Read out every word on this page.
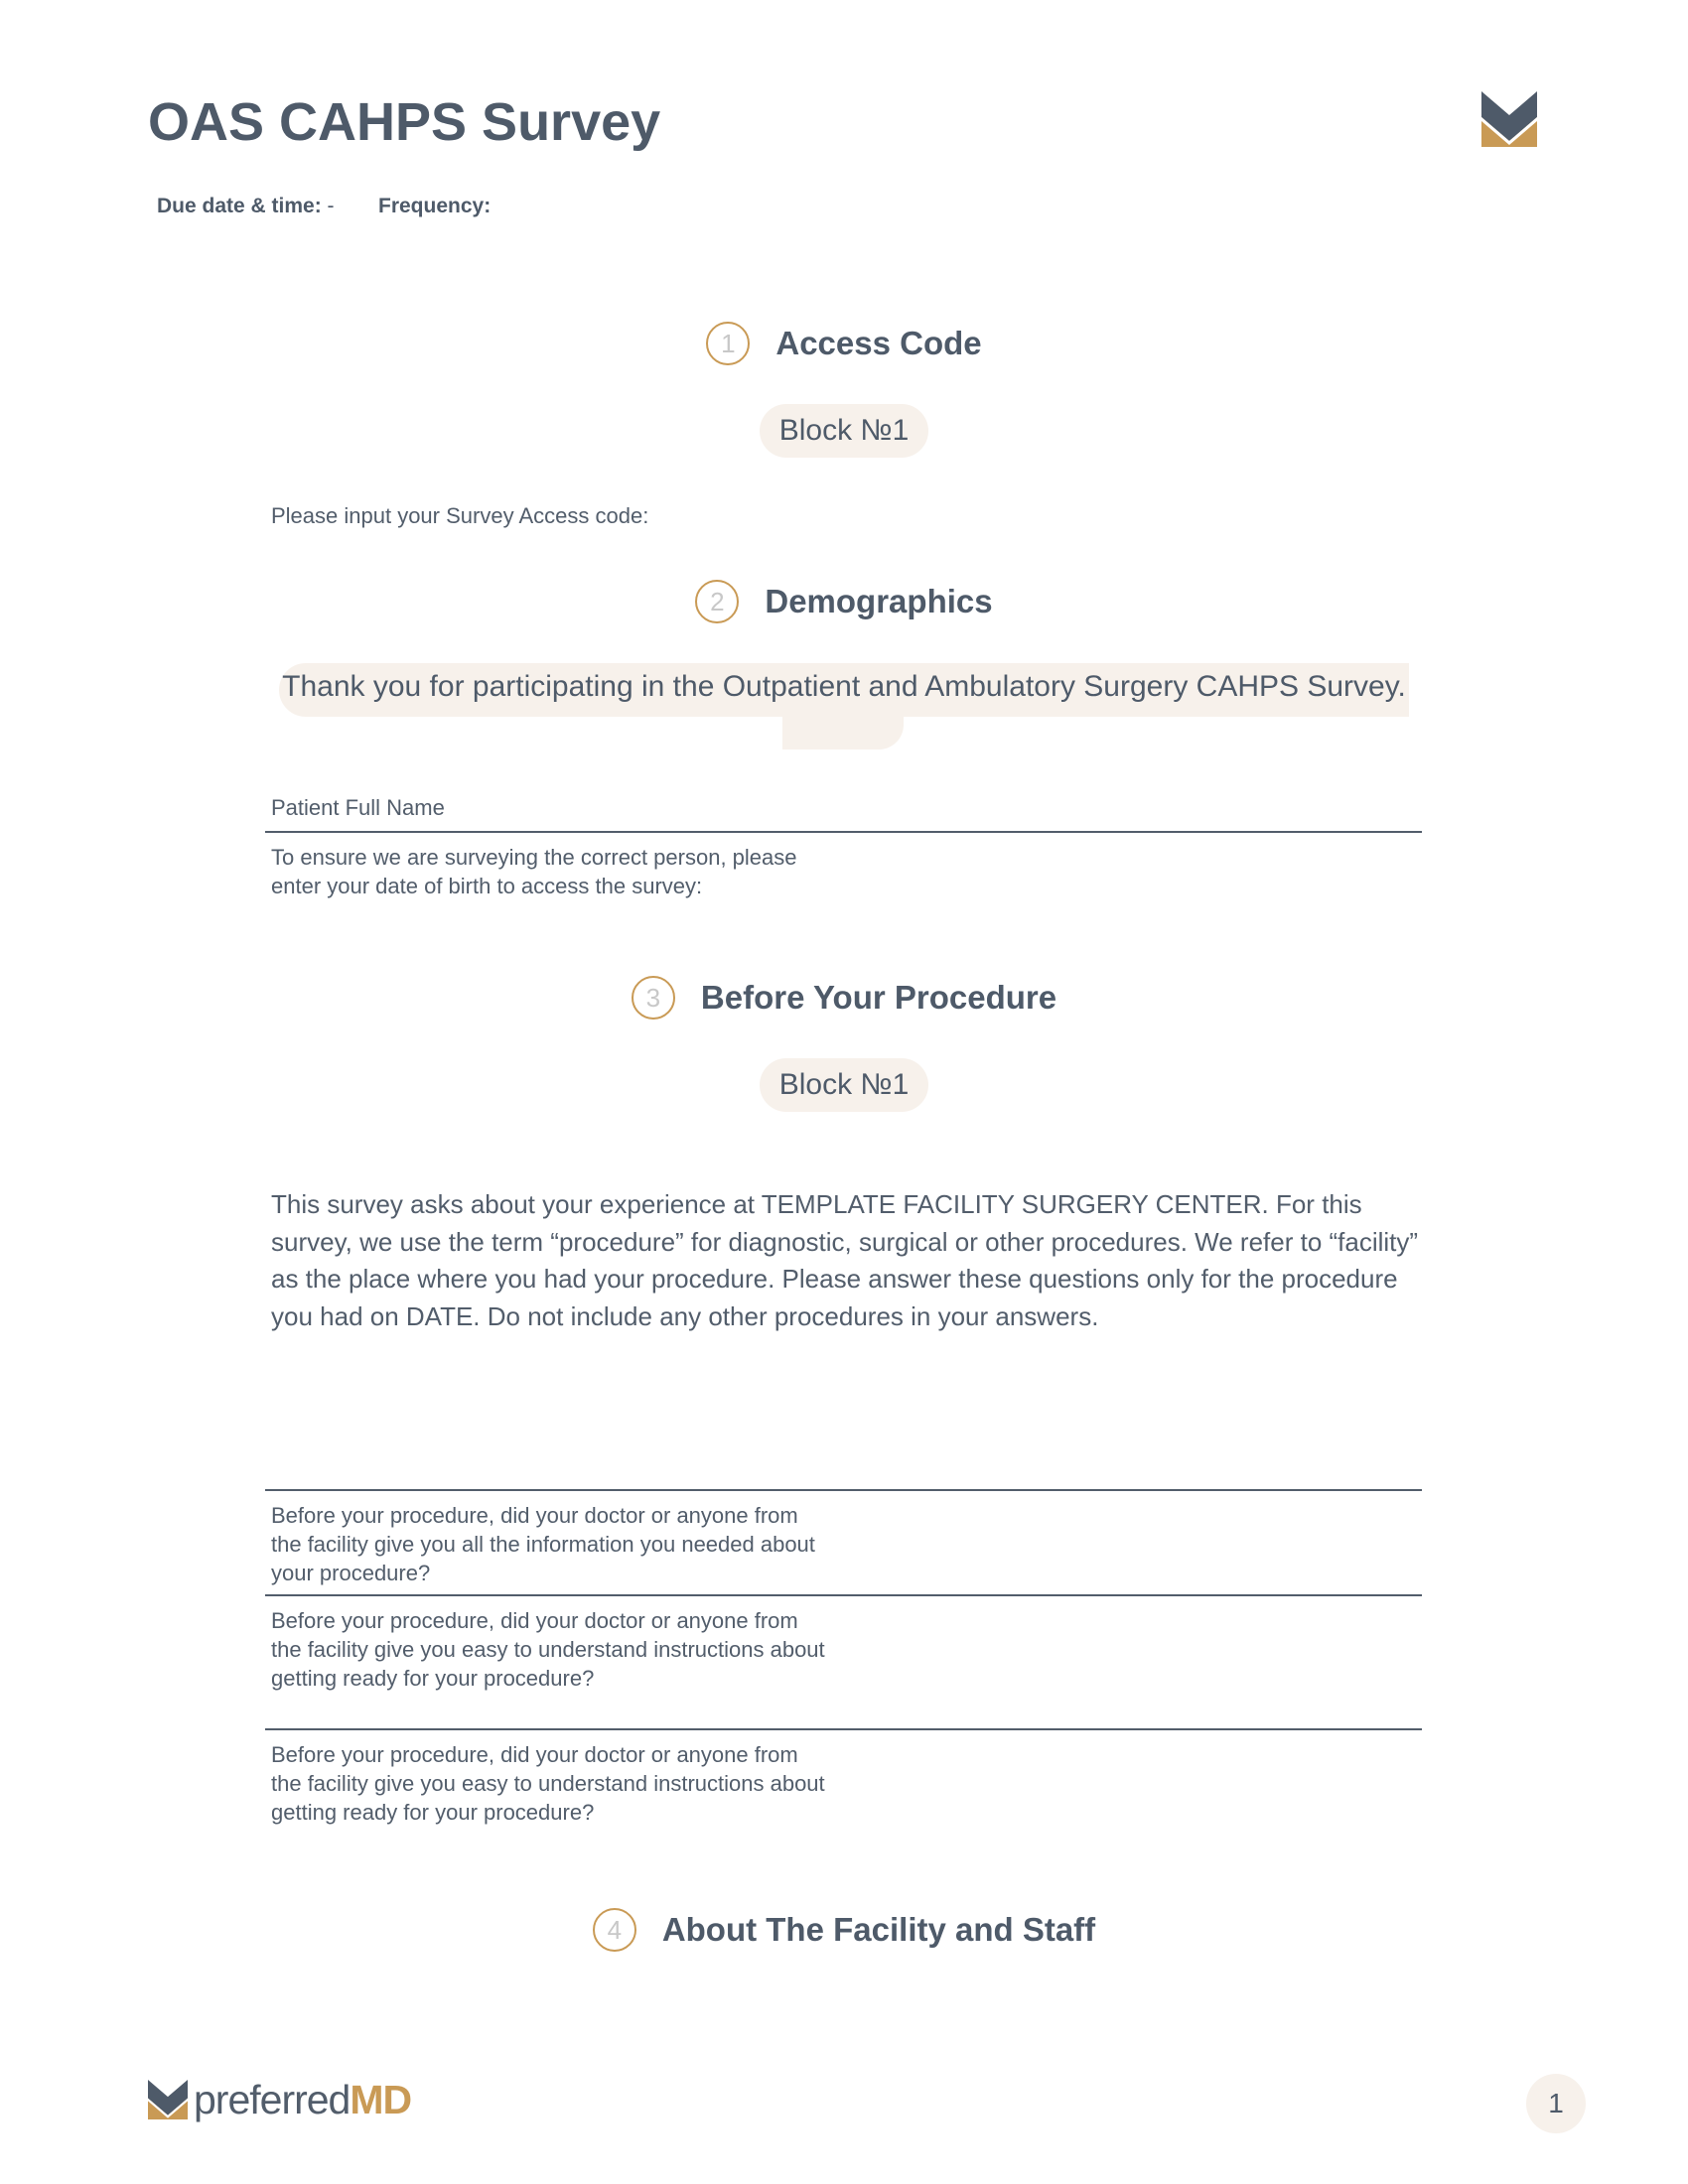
OAS CAHPS Survey
Due date & time: - Frequency:
1	Access Code
Block №1
Please input your Survey Access code:
2	Demographics
Thank you for participating in the Outpatient and Ambulatory Surgery CAHPS Survey.
Patient Full Name
To ensure we are surveying the correct person, please enter your date of birth to access the survey:
3	Before Your Procedure
Block №1
This survey asks about your experience at TEMPLATE FACILITY SURGERY CENTER. For this survey, we use the term “procedure” for diagnostic, surgical or other procedures. We refer to “facility” as the place where you had your procedure. Please answer these questions only for the procedure you had on DATE. Do not include any other procedures in your answers.
Before your procedure, did your doctor or anyone from the facility give you all the information you needed about your procedure?
Before your procedure, did your doctor or anyone from the facility give you easy to understand instructions about getting ready for your procedure?
Before your procedure, did your doctor or anyone from the facility give you easy to understand instructions about getting ready for your procedure?
4	About The Facility and Staff
preferredMD	1
